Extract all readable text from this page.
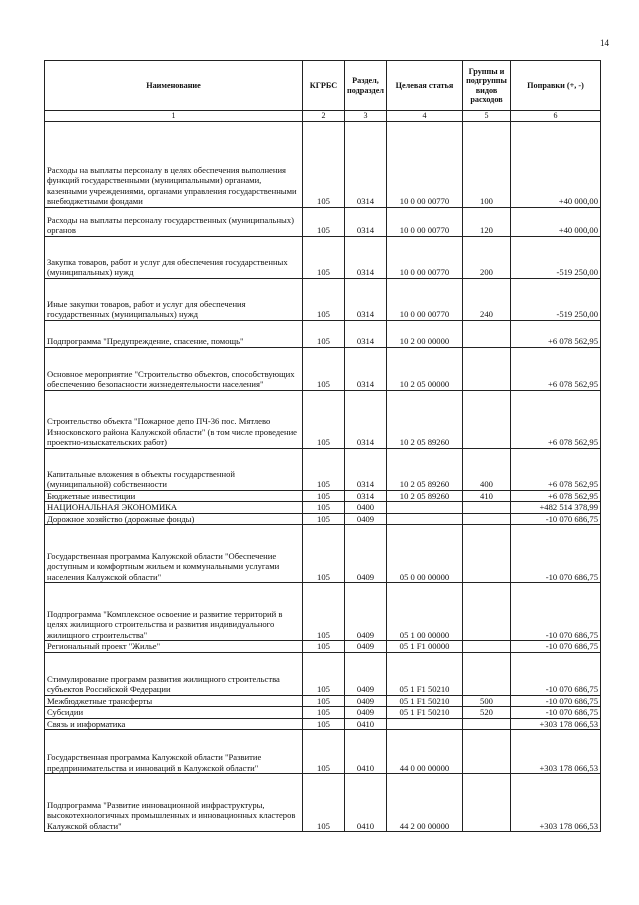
14
Наименование	КГРБС	Раздел, подраздел	Целевая статья	Группы и подгруппы видов расходов	Поправки (+, -)
1	2	3	4	5	6
Расходы на выплаты персоналу в целях обеспечения выполнения функций государственными (муниципальными) органами, казенными учреждениями, органами управления государственными внебюджетными фондами	105	0314	10 0 00 00770	100	+40 000,00
Расходы на выплаты персоналу государственных (муниципальных) органов	105	0314	10 0 00 00770	120	+40 000,00
Закупка товаров, работ и услуг для обеспечения государственных (муниципальных) нужд	105	0314	10 0 00 00770	200	-519 250,00
Иные закупки товаров, работ и услуг для обеспечения государственных (муниципальных) нужд	105	0314	10 0 00 00770	240	-519 250,00
Подпрограмма "Предупреждение, спасение, помощь"	105	0314	10 2 00 00000		+6 078 562,95
Основное мероприятие "Строительство объектов, способствующих обеспечению безопасности жизнедеятельности населения"	105	0314	10 2 05 00000		+6 078 562,95
Строительство объекта "Пожарное депо ПЧ-36 пос. Мятлево Износковского района Калужской области" (в том числе проведение проектно-изыскательских работ)	105	0314	10 2 05 89260		+6 078 562,95
Капитальные вложения в объекты государственной (муниципальной) собственности	105	0314	10 2 05 89260	400	+6 078 562,95
Бюджетные инвестиции	105	0314	10 2 05 89260	410	+6 078 562,95
НАЦИОНАЛЬНАЯ ЭКОНОМИКА	105	0400			+482 514 378,99
Дорожное хозяйство (дорожные фонды)	105	0409			-10 070 686,75
Государственная программа Калужской области "Обеспечение доступным и комфортным жильем и коммунальными услугами населения Калужской области"	105	0409	05 0 00 00000		-10 070 686,75
Подпрограмма "Комплексное освоение и развитие территорий в целях жилищного строительства и развития индивидуального жилищного строительства"	105	0409	05 1 00 00000		-10 070 686,75
Региональный проект "Жилье"	105	0409	05 1 F1 00000		-10 070 686,75
Стимулирование программ развития жилищного строительства субъектов Российской Федерации	105	0409	05 1 F1 50210		-10 070 686,75
Межбюджетные трансферты	105	0409	05 1 F1 50210	500	-10 070 686,75
Субсидии	105	0409	05 1 F1 50210	520	-10 070 686,75
Связь и информатика	105	0410			+303 178 066,53
Государственная программа Калужской области "Развитие предпринимательства и инноваций в Калужской области"	105	0410	44 0 00 00000		+303 178 066,53
Подпрограмма "Развитие инновационной инфраструктуры, высокотехнологичных промышленных и инновационных кластеров Калужской области"	105	0410	44 2 00 00000		+303 178 066,53
